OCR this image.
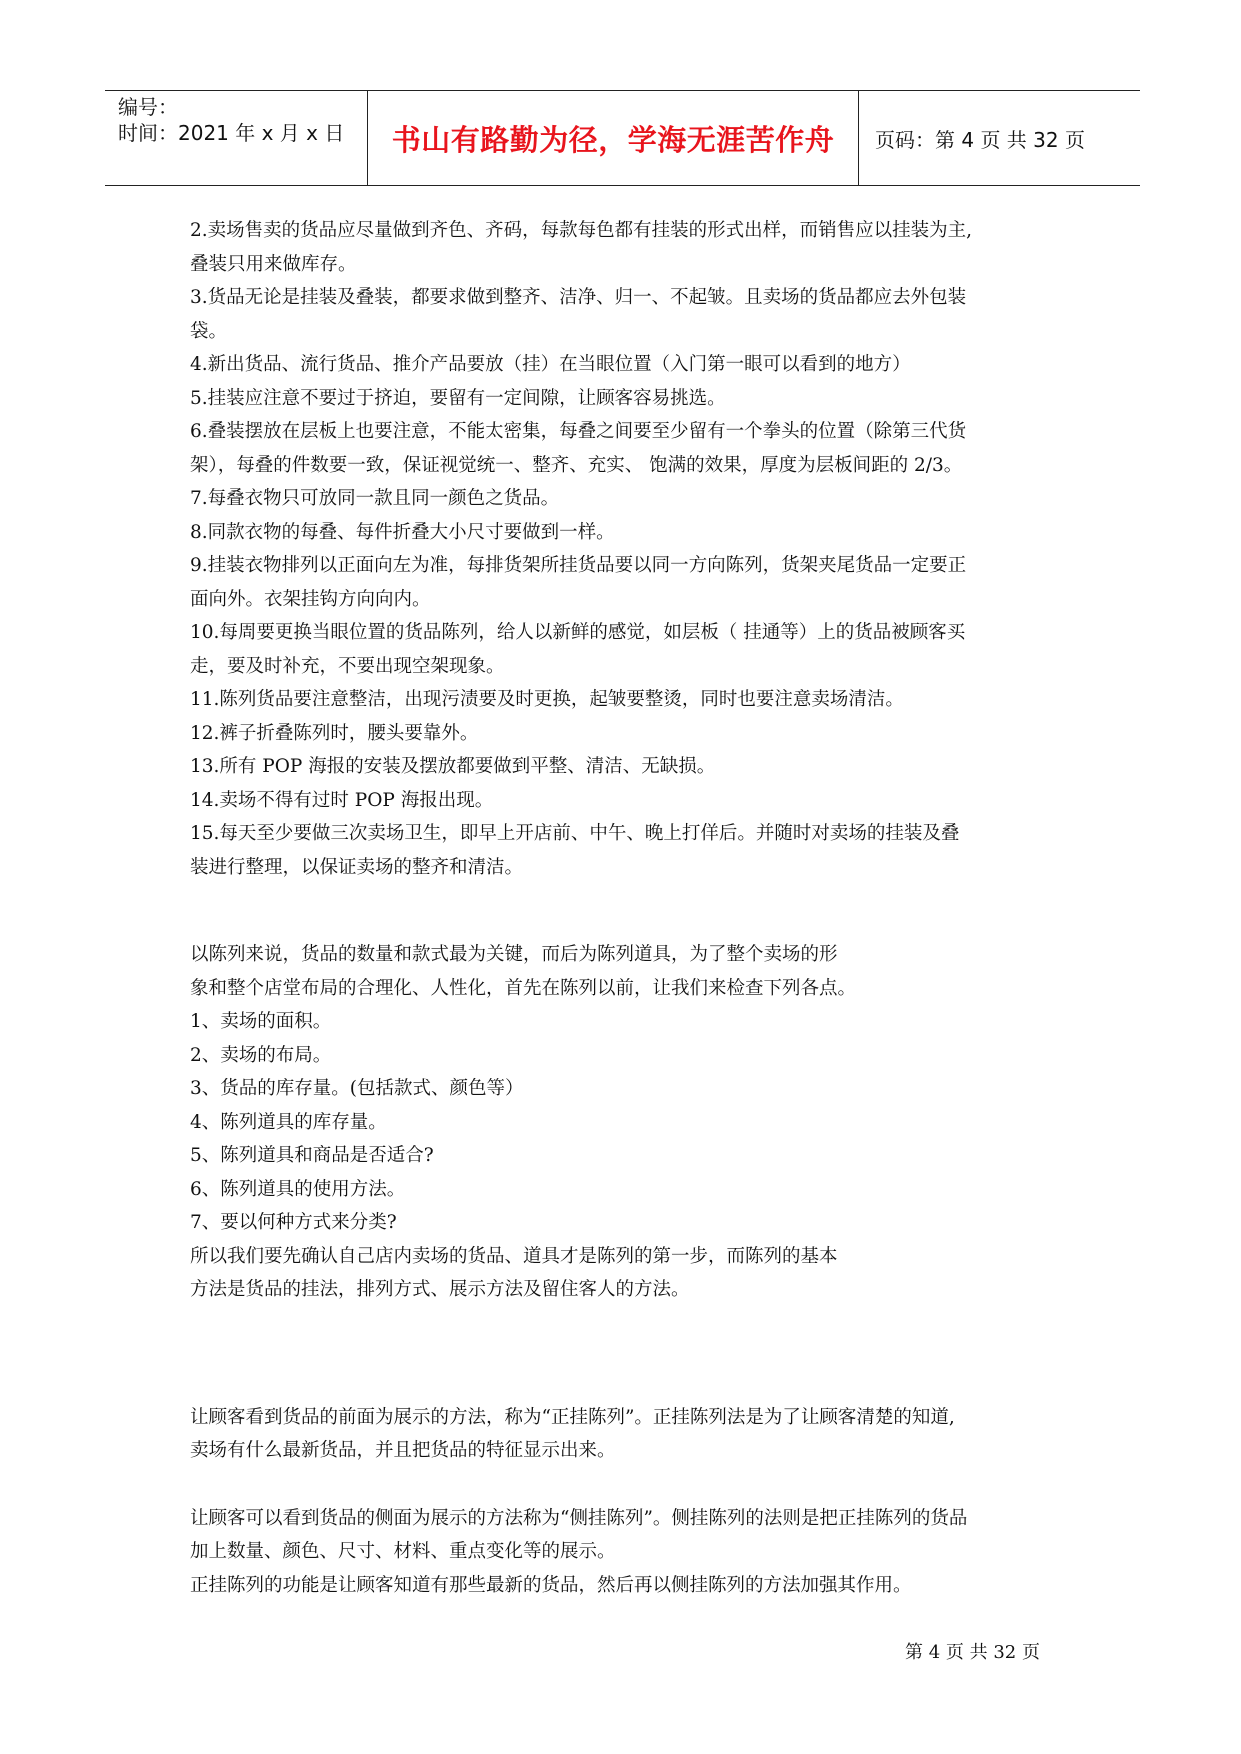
编号：
时间：2021 年 x 月 x 日	书山有路勤为径，学海无涯苦作舟	页码：第 4 页 共 32 页
2.卖场售卖的货品应尽量做到齐色、齐码，每款每色都有挂装的形式出样，而销售应以挂装为主,
叠装只用来做库存。
3.货品无论是挂装及叠装，都要求做到整齐、洁净、归一、不起皱。且卖场的货品都应去外包装
袋。
4.新出货品、流行货品、推介产品要放（挂）在当眼位置（入门第一眼可以看到的地方）
5.挂装应注意不要过于挤迫，要留有一定间隙，让顾客容易挑选。
6.叠装摆放在层板上也要注意，不能太密集，每叠之间要至少留有一个拳头的位置（除第三代货
架），每叠的件数要一致，保证视觉统一、整齐、充实、 饱满的效果，厚度为层板间距的 2/3。
7.每叠衣物只可放同一款且同一颜色之货品。
8.同款衣物的每叠、每件折叠大小尺寸要做到一样。
9.挂装衣物排列以正面向左为准，每排货架所挂货品要以同一方向陈列，货架夹尾货品一定要正
面向外。衣架挂钩方向向内。
10.每周要更换当眼位置的货品陈列，给人以新鲜的感觉，如层板（ 挂通等）上的货品被顾客买
走，要及时补充，不要出现空架现象。
11.陈列货品要注意整洁，出现污渍要及时更换，起皱要整烫，同时也要注意卖场清洁。
12.裤子折叠陈列时，腰头要靠外。
13.所有 POP 海报的安装及摆放都要做到平整、清洁、无缺损。
14.卖场不得有过时 POP 海报出现。
15.每天至少要做三次卖场卫生，即早上开店前、中午、晚上打佯后。并随时对卖场的挂装及叠
装进行整理，以保证卖场的整齐和清洁。
以陈列来说，货品的数量和款式最为关键，而后为陈列道具，为了整个卖场的形
象和整个店堂布局的合理化、人性化，首先在陈列以前，让我们来检查下列各点。
1、卖场的面积。
2、卖场的布局。
3、货品的库存量。(包括款式、颜色等）
4、陈列道具的库存量。
5、陈列道具和商品是否适合?
6、陈列道具的使用方法。
7、要以何种方式来分类?
所以我们要先确认自己店内卖场的货品、道具才是陈列的第一步，而陈列的基本
方法是货品的挂法，排列方式、展示方法及留住客人的方法。
让顾客看到货品的前面为展示的方法，称为“正挂陈列”。正挂陈列法是为了让顾客清楚的知道,
卖场有什么最新货品，并且把货品的特征显示出来。
让顾客可以看到货品的侧面为展示的方法称为“侧挂陈列”。侧挂陈列的法则是把正挂陈列的货品
加上数量、颜色、尺寸、材料、重点变化等的展示。
正挂陈列的功能是让顾客知道有那些最新的货品，然后再以侧挂陈列的方法加强其作用。
第 4 页 共 32 页
